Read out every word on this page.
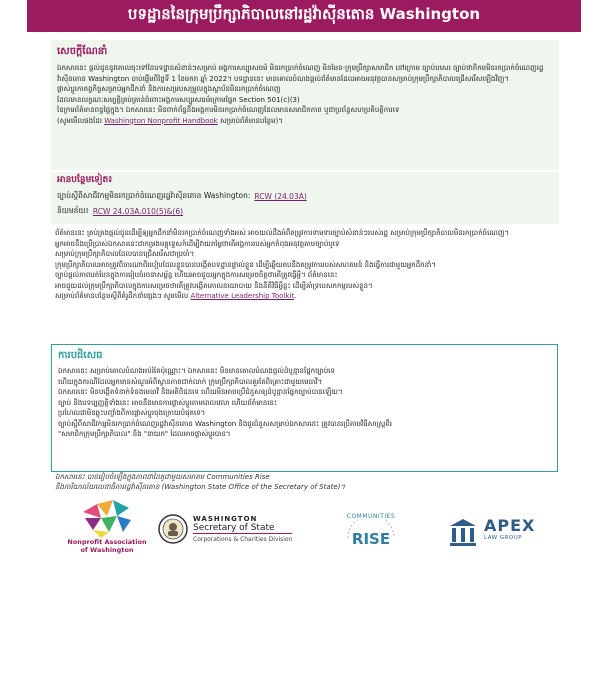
បទដ្ឋាននៃក្រុមប្រឹក្សាភិបាលនៅរដ្ឋវ៉ាស៊ីនតោន Washington
សេចក្ដីណែនាំ
ឯកសារនេះ ផ្ដល់ជូននូវគោលចុះទៅនៃបទដ្ឋានសំខាន់ៗសម្រាប់ អង្គការសប្បុរសធម៌ មិនរកប្រាក់ចំណេញ មិនមែន-ក្រុមប្រឹក្សាសមាជិក នៅក្រោម ច្បាប់បសេរ ច្បាប់ថាភិកមមិនរកប្រាក់ចំណេញរដ្ឋវ៉ាស៊ីនតោន Washington ចាប់ផ្ដើមពីថ្ងៃទី 1 ខែមករា ឆ្នាំ 2022។ បទដ្ឋាននេះ មានគោលបំណងផ្ដល់ព័ត៌មានដែលអាចអនុវត្តបានសម្រាប់ក្រុមប្រឹក្សាភិបាលជ្រើសរើសឡើងវិញ។
ផ្លាស់ប្ដូរកាតព្វកិច្ចសម្រាប់អ្នកដឹកនាំ និងការសម្របសម្រួលក្នុងស្ថាប័នមិនរកប្រាក់ចំណេញ
ដែលមានលក្ខណៈសម្បត្តិគ្រប់គ្រាន់ចំពោះអង្គការសប្បុរសធម៌ក្រោមផ្នែក Section 501(c)(3)
នៃក្រមព័ត៌មានពន្ធផ្ទៃក្នុង។ ឯកសារនេះ មិនពាក់ព័ន្ធនឹងអង្គការមិនរកប្រាក់ចំណេញដែលមានសមាជិកភាព ឬជាប្រព័ន្ធសហប្រតិបត្តិការទេ
(សូមមើលផងដែរ Washington Nonprofit Handbook សម្រាប់ព័ត៌មានបន្ថែម)។
អានបន្ថែមទៀត៖
ច្បាប់ស្ដីពីសាជីវកម្មមិនរកប្រាក់ចំណេញរដ្ឋវ៉ាស៊ីនតោន Washington: RCW (24.03A)
និយមន័យ៖ RCW 24.03A.010(5)&(6)
ព័ត៌មាននេះ គ្រប់គ្រងផ្ដល់ជូនដើម្បីឲ្យអ្នកដឹកនាំមិនរកប្រាក់ចំណេញទាំងអស់ អាចយល់ដឹងអំពីតម្រូវការទាមទារច្បាប់សំខាន់ៗរបស់រដ្ឋ សម្រាប់ក្រុមប្រឹក្សាភិបាលមិនរកប្រាក់ចំណេញ។
អ្នកអាចនឹងប្រើប្រាស់ឯកសារនេះជាកម្រងមគ្គុទ្ទេសក៍ដើម្បីវាយតម្លៃថាតើអង្គការរបស់អ្នកកំពុងអនុវត្តតាមច្បាប់ឬទេ
សម្រាប់ក្រុមប្រឹក្សាភិបាលដែលបានជ្រើសរើសជាប្រចាំ។
ក្រុមប្រឹក្សាភិបាលអាចត្រូវពិចារណាពីរបៀបដែលខ្លួនបានបង្កើតបទដ្ឋានផ្ទាល់ខ្លួន ដើម្បីឆ្លើយតបនឹងតម្រូវការរបស់សហគមន៍ និងធ្វើការជាមួយអ្នកដឹកនាំ។
ច្បាប់ផ្ដល់ភាពបត់បែនក្នុងការរៀបចំរចនាសម្ព័ន្ធ ហើយអាចជួយអ្នកក្នុងការសម្រេចចិត្តថាតើត្រូវធ្វើអ្វី។ ព័ត៌មាននេះ
អាចជួយដល់ក្រុមប្រឹក្សាភិបាលក្នុងការសម្រេចថាតើត្រូវបង្កើតគោលនយោបាយ និងនីតិវិធីអ្វីខ្លះ ដើម្បីគាំទ្របេសកកម្មរបស់ខ្លួន។
សម្រាប់ព័ត៌មានបន្ថែមស្ដីពីគំរូដឹកនាំផ្សេងៗ សូមមើល Alternative Leadership Toolkit.
ការបដិសេធ
ឯកសារនេះ សម្រាប់គោលបំណងអប់រំតែប៉ុណ្ណោះ។ ឯកសារនេះ មិនមានគោលបំណងផ្ដល់ដំបូន្មានផ្នែកច្បាប់ទេ
ហើយក្នុងករណីដែលអ្នកមានសំណួរអំពីស្ថានភាពជាក់លាក់ ក្រុមប្រឹក្សាភិបាលគួរតែពិគ្រោះជាមួយមេធាវី។
ឯកសារនេះ មិនបង្កើតទំនាក់ទំនងមេធាវី និងអតិថិជនទេ ហើយមិនអាចប្រើជំនួសឲ្យដំបូន្មានផ្នែកច្បាប់បានឡើយ។
ច្បាប់ និងបទប្បញ្ញត្តិទាំងនេះ អាចនឹងមានការផ្លាស់ប្ដូរតាមពេលវេលា ហើយព័ត៌មាននេះ
ប្រហែលជាមិនឆ្លុះបញ្ចាំងពីការផ្លាស់ប្ដូរចុងក្រោយបំផុតទេ។
ច្បាប់ស្ដីពីសាជីវកម្មមិនរកប្រាក់ចំណេញរដ្ឋវ៉ាស៊ីនតោន Washington និងជួរជំនួសសម្រាប់ឯកសារនេះ ត្រូវបានប្រើតាមវិធីសាស្ត្រពីរ
"សមាជិកក្រុមប្រឹក្សាភិបាល" និង "នាយក" ដែលអាចផ្លាស់ប្ដូរបាន។
ឯកសារនេះ បានរៀបចំឡើងក្នុងភាពជាដៃគូជាមួយសមាគម Communities Rise
និងការិយាល័យលេខាធិការរដ្ឋវ៉ាស៊ីនតោន (Washington State Office of the Secretary of State)។
Nonprofit Association
of Washington
WASHINGTON
Secretary of State
Corporations & Charities Division
COMMUNITIES
RISE
APEX
LAW GROUP
